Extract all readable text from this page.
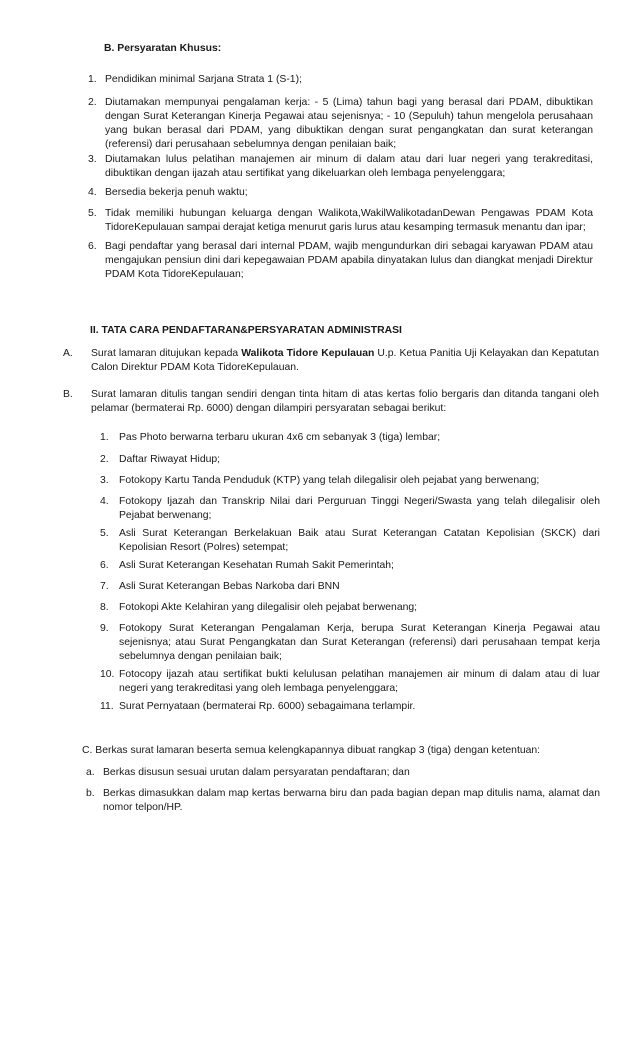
B. Persyaratan Khusus:
1. Pendidikan minimal Sarjana Strata 1 (S-1);
2. Diutamakan mempunyai pengalaman kerja: - 5 (Lima) tahun bagi yang berasal dari PDAM, dibuktikan dengan Surat Keterangan Kinerja Pegawai atau sejenisnya; - 10 (Sepuluh) tahun mengelola perusahaan yang bukan berasal dari PDAM, yang dibuktikan dengan surat pengangkatan dan surat keterangan (referensi) dari perusahaan sebelumnya dengan penilaian baik;
3. Diutamakan lulus pelatihan manajemen air minum di dalam atau dari luar negeri yang terakreditasi, dibuktikan dengan ijazah atau sertifikat yang dikeluarkan oleh lembaga penyelenggara;
4. Bersedia bekerja penuh waktu;
5. Tidak memiliki hubungan keluarga dengan Walikota,WakilWalikotadanDewan Pengawas PDAM Kota TidoreKepulauan sampai derajat ketiga menurut garis lurus atau kesamping termasuk menantu dan ipar;
6. Bagi pendaftar yang berasal dari internal PDAM, wajib mengundurkan diri sebagai karyawan PDAM atau mengajukan pensiun dini dari kepegawaian PDAM apabila dinyatakan lulus dan diangkat menjadi Direktur PDAM Kota TidoreKepulauan;
II. TATA CARA PENDAFTARAN&PERSYARATAN ADMINISTRASI
A.	Surat lamaran ditujukan kepada Walikota Tidore Kepulauan U.p. Ketua Panitia Uji Kelayakan dan Kepatutan Calon Direktur PDAM Kota TidoreKepulauan.
B.	Surat lamaran ditulis tangan sendiri dengan tinta hitam di atas kertas folio bergaris dan ditanda tangani oleh pelamar (bermaterai Rp. 6000) dengan dilampiri persyaratan sebagai berikut:
1. Pas Photo berwarna terbaru ukuran 4x6 cm sebanyak 3 (tiga) lembar;
2. Daftar Riwayat Hidup;
3. Fotokopy Kartu Tanda Penduduk (KTP) yang telah dilegalisir oleh pejabat yang berwenang;
4. Fotokopy Ijazah dan Transkrip Nilai dari Perguruan Tinggi Negeri/Swasta yang telah dilegalisir oleh Pejabat berwenang;
5. Asli Surat Keterangan Berkelakuan Baik atau Surat Keterangan Catatan Kepolisian (SKCK) dari Kepolisian Resort (Polres) setempat;
6. Asli Surat Keterangan Kesehatan Rumah Sakit Pemerintah;
7. Asli Surat Keterangan Bebas Narkoba dari BNN
8. Fotokopi Akte Kelahiran yang dilegalisir oleh pejabat berwenang;
9. Fotokopy Surat Keterangan Pengalaman Kerja, berupa Surat Keterangan Kinerja Pegawai atau sejenisnya; atau Surat Pengangkatan dan Surat Keterangan (referensi) dari perusahaan tempat kerja sebelumnya dengan penilaian baik;
10. Fotocopy ijazah atau sertifikat bukti kelulusan pelatihan manajemen air minum di dalam atau di luar negeri yang terakreditasi yang oleh lembaga penyelenggara;
11. Surat Pernyataan (bermaterai Rp. 6000) sebagaimana terlampir.
C. Berkas surat lamaran beserta semua kelengkapannya dibuat rangkap 3 (tiga) dengan ketentuan:
a. Berkas disusun sesuai urutan dalam persyaratan pendaftaran; dan
b. Berkas dimasukkan dalam map kertas berwarna biru dan pada bagian depan map ditulis nama, alamat dan nomor telpon/HP.
